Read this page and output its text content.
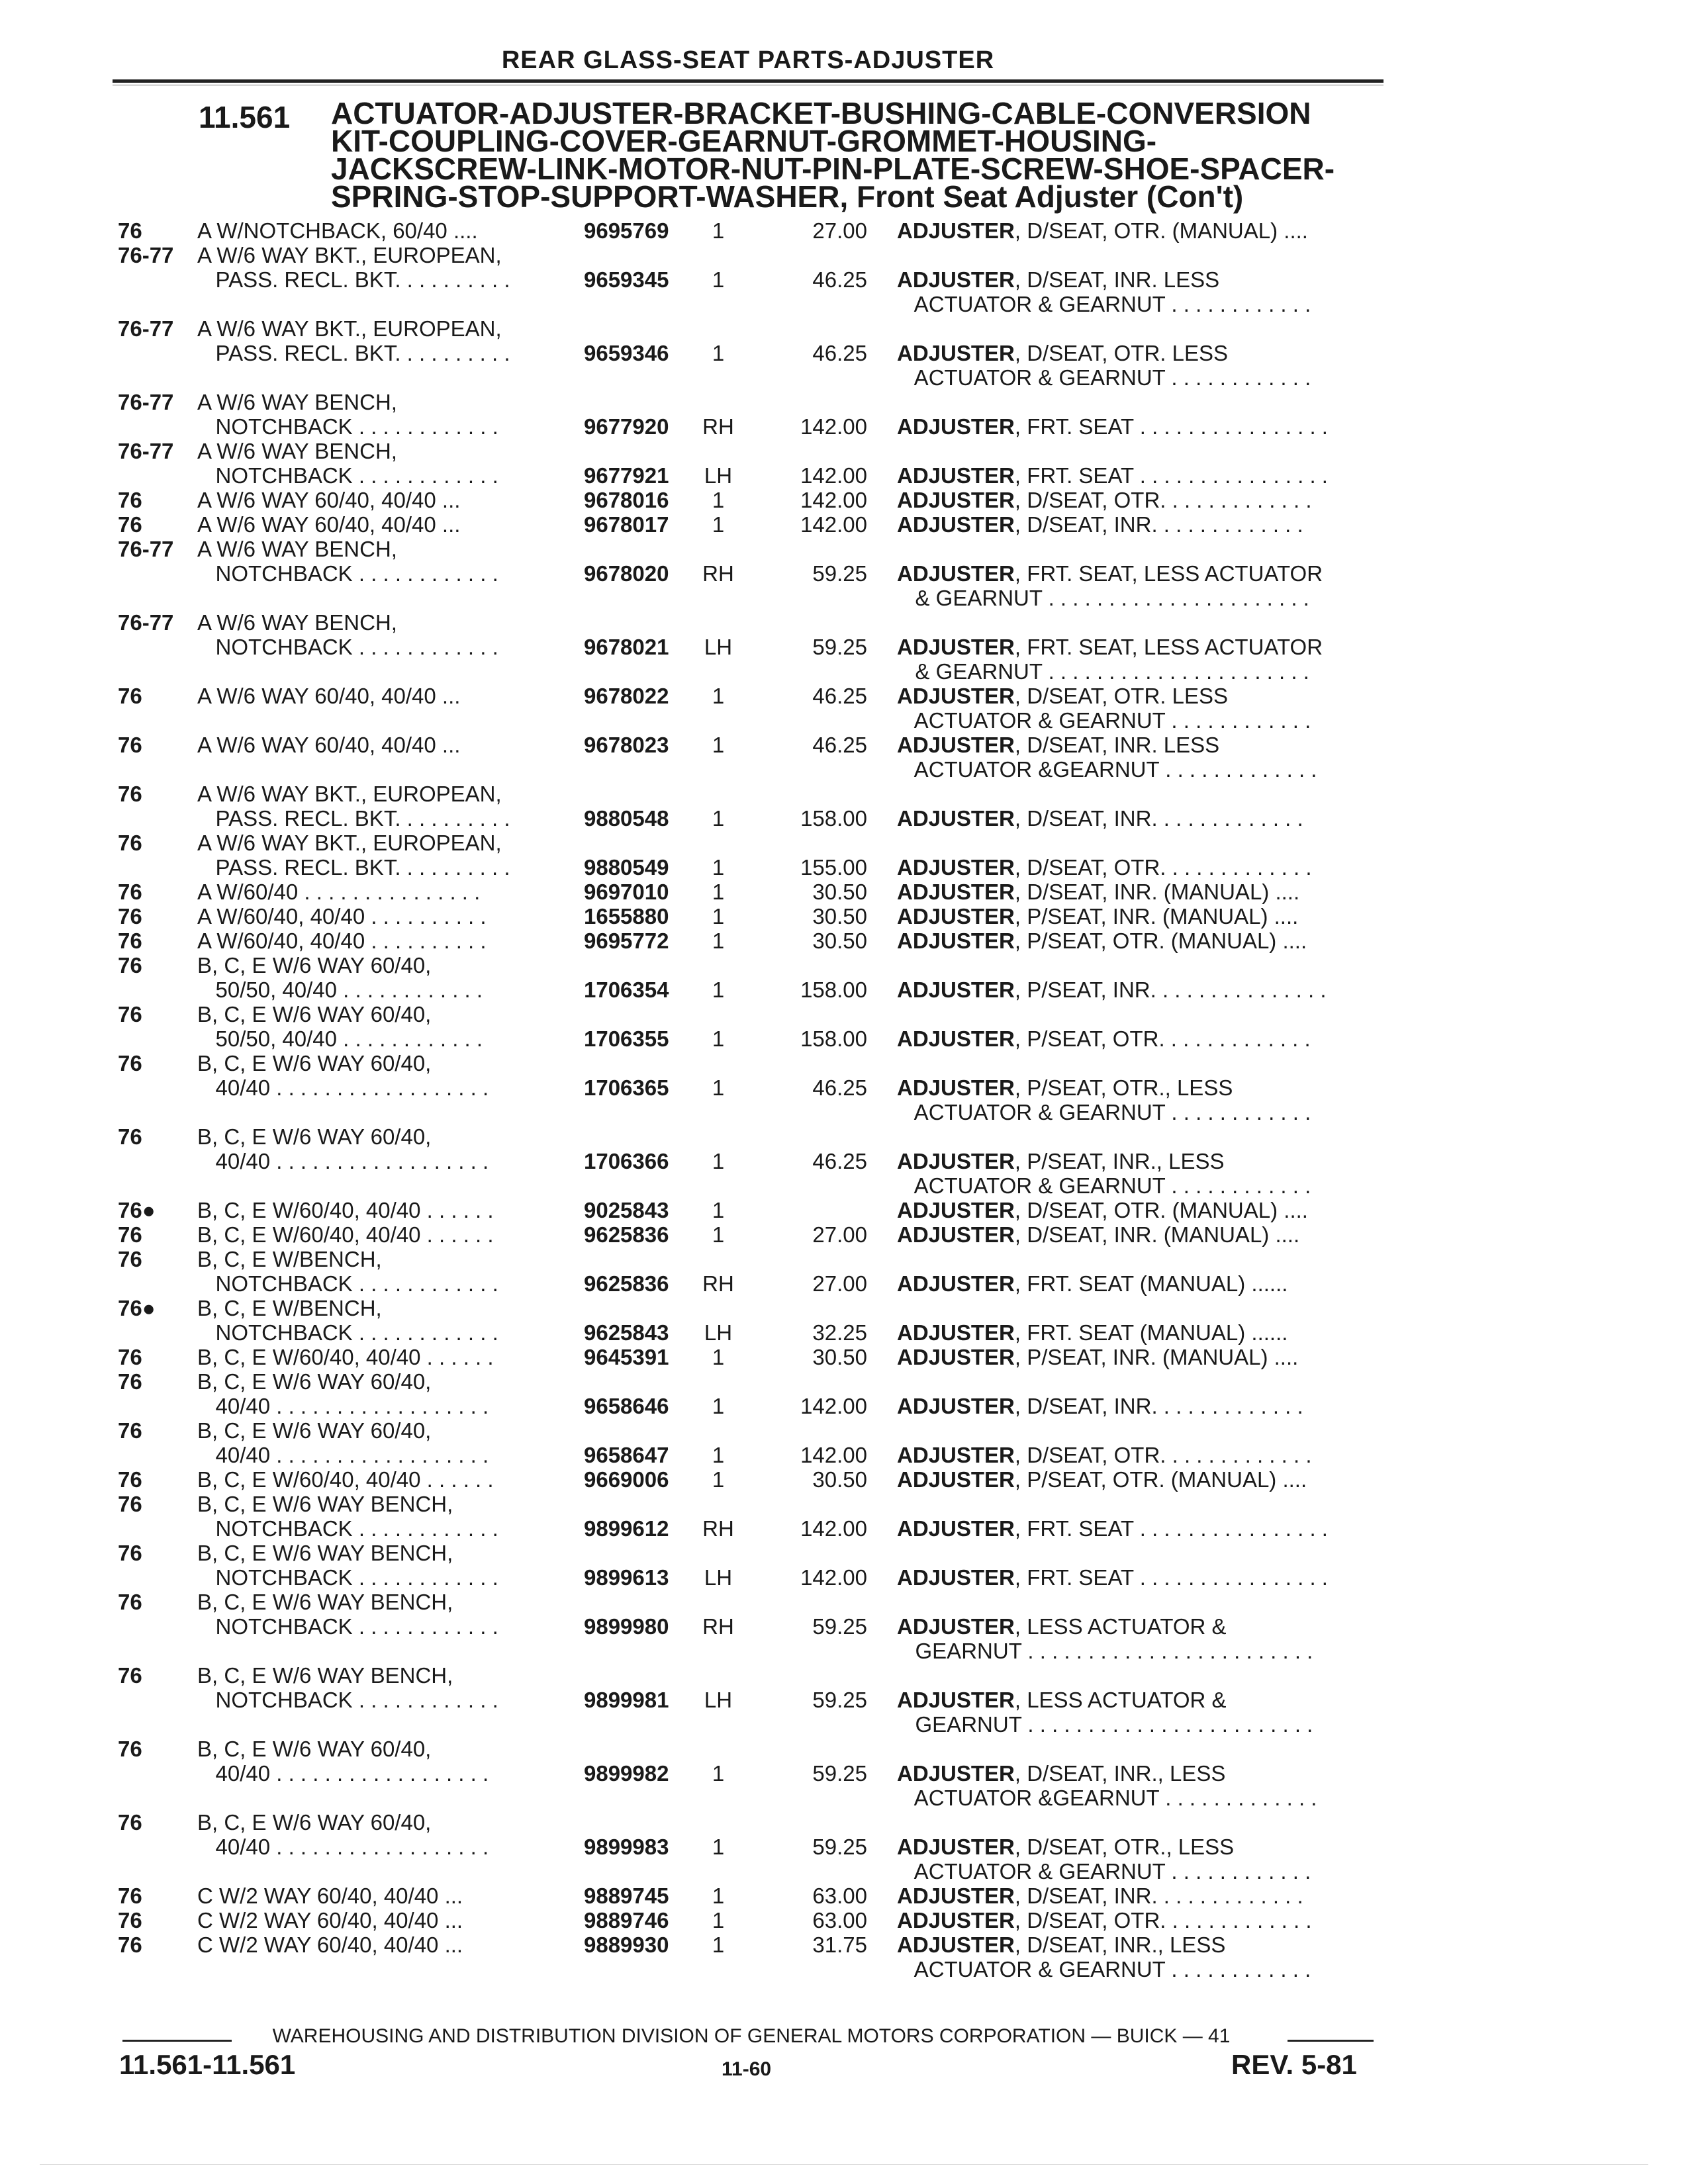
REAR GLASS-SEAT PARTS-ADJUSTER
11.561 ACTUATOR-ADJUSTER-BRACKET-BUSHING-CABLE-CONVERSION
KIT-COUPLING-COVER-GEARNUT-GROMMET-HOUSING-
JACKSCREW-LINK-MOTOR-NUT-PIN-PLATE-SCREW-SHOE-SPACER-
SPRING-STOP-SUPPORT-WASHER, Front Seat Adjuster (Con't)
76	A W/NOTCHBACK, 60/40 ....	9695769	1	27.00 ADJUSTER, D/SEAT, OTR. (MANUAL) ....
76-77 A W/6 WAY BKT., EUROPEAN,
PASS. RECL. BKT. . . . . . . . . .	9659345	1	46.25 ADJUSTER, D/SEAT, INR. LESS
ACTUATOR & GEARNUT . . . . . . . . . . . .
76-77 A W/6 WAY BKT., EUROPEAN,
PASS. RECL. BKT. . . . . . . . . .	9659346	1	46.25 ADJUSTER, D/SEAT, OTR. LESS
ACTUATOR & GEARNUT . . . . . . . . . . . .
76-77 A W/6 WAY BENCH,
NOTCHBACK . . . . . . . . . . . .	9677920 RH	142.00 ADJUSTER, FRT. SEAT . . . . . . . . . . . . . . . .
76-77 A W/6 WAY BENCH,
NOTCHBACK . . . . . . . . . . . .	9677921 LH	142.00 ADJUSTER, FRT. SEAT . . . . . . . . . . . . . . . .
76	A W/6 WAY 60/40, 40/40 ...	9678016	1	142.00 ADJUSTER, D/SEAT, OTR. . . . . . . . . . . . .
76	A W/6 WAY 60/40, 40/40 ...	9678017	1	142.00 ADJUSTER, D/SEAT, INR. . . . . . . . . . . . .
76-77 A W/6 WAY BENCH,
NOTCHBACK . . . . . . . . . . . .	9678020 RH	59.25 ADJUSTER, FRT. SEAT, LESS ACTUATOR
& GEARNUT . . . . . . . . . . . . . . . . . . . . . .
76-77 A W/6 WAY BENCH,
NOTCHBACK . . . . . . . . . . . .	9678021 LH	59.25 ADJUSTER, FRT. SEAT, LESS ACTUATOR
& GEARNUT . . . . . . . . . . . . . . . . . . . . . .
76	A W/6 WAY 60/40, 40/40 ...	9678022	1	46.25 ADJUSTER, D/SEAT, OTR. LESS
ACTUATOR & GEARNUT . . . . . . . . . . . .
76	A W/6 WAY 60/40, 40/40 ...	9678023	1	46.25 ADJUSTER, D/SEAT, INR. LESS
ACTUATOR &GEARNUT . . . . . . . . . . . . .
76	A W/6 WAY BKT., EUROPEAN,
PASS. RECL. BKT. . . . . . . . . .	9880548	1	158.00 ADJUSTER, D/SEAT, INR. . . . . . . . . . . . .
76	A W/6 WAY BKT., EUROPEAN,
PASS. RECL. BKT. . . . . . . . . .	9880549	1	155.00 ADJUSTER, D/SEAT, OTR. . . . . . . . . . . . .
76	A W/60/40 . . . . . . . . . . . . . . .	9697010	1	30.50 ADJUSTER, D/SEAT, INR. (MANUAL) ....
76	A W/60/40, 40/40 . . . . . . . . . .	1655880	1	30.50 ADJUSTER, P/SEAT, INR. (MANUAL) ....
76	A W/60/40, 40/40 . . . . . . . . . .	9695772	1	30.50 ADJUSTER, P/SEAT, OTR. (MANUAL) ....
76	B, C, E W/6 WAY 60/40,
50/50, 40/40 . . . . . . . . . . . .	1706354	1	158.00 ADJUSTER, P/SEAT, INR. . . . . . . . . . . . . . .
76	B, C, E W/6 WAY 60/40,
50/50, 40/40 . . . . . . . . . . . .	1706355	1	158.00 ADJUSTER, P/SEAT, OTR. . . . . . . . . . . . .
76	B, C, E W/6 WAY 60/40,
40/40 . . . . . . . . . . . . . . . . . .	1706365	1	46.25 ADJUSTER, P/SEAT, OTR., LESS
ACTUATOR & GEARNUT . . . . . . . . . . . .
76	B, C, E W/6 WAY 60/40,
40/40 . . . . . . . . . . . . . . . . . .	1706366	1	46.25 ADJUSTER, P/SEAT, INR., LESS
ACTUATOR & GEARNUT . . . . . . . . . . . .
76● B, C, E W/60/40, 40/40 . . . . . .	9025843	1	ADJUSTER, D/SEAT, OTR. (MANUAL) ....
76	B, C, E W/60/40, 40/40 . . . . . .	9625836	1	27.00 ADJUSTER, D/SEAT, INR. (MANUAL) ....
76	B, C, E W/BENCH,
NOTCHBACK . . . . . . . . . . . .	9625836 RH	27.00 ADJUSTER, FRT. SEAT (MANUAL) ......
76● B, C, E W/BENCH,
NOTCHBACK . . . . . . . . . . . .	9625843 LH	32.25 ADJUSTER, FRT. SEAT (MANUAL) ......
76	B, C, E W/60/40, 40/40 . . . . . .	9645391	1	30.50 ADJUSTER, P/SEAT, INR. (MANUAL) ....
76	B, C, E W/6 WAY 60/40,
40/40 . . . . . . . . . . . . . . . . . .	9658646	1	142.00 ADJUSTER, D/SEAT, INR. . . . . . . . . . . . .
76	B, C, E W/6 WAY 60/40,
40/40 . . . . . . . . . . . . . . . . . .	9658647	1	142.00 ADJUSTER, D/SEAT, OTR. . . . . . . . . . . . .
76	B, C, E W/60/40, 40/40 . . . . . .	9669006	1	30.50 ADJUSTER, P/SEAT, OTR. (MANUAL) ....
76	B, C, E W/6 WAY BENCH,
NOTCHBACK . . . . . . . . . . . .	9899612 RH	142.00 ADJUSTER, FRT. SEAT . . . . . . . . . . . . . . . .
76	B, C, E W/6 WAY BENCH,
NOTCHBACK . . . . . . . . . . . .	9899613 LH	142.00 ADJUSTER, FRT. SEAT . . . . . . . . . . . . . . . .
76	B, C, E W/6 WAY BENCH,
NOTCHBACK . . . . . . . . . . . .	9899980 RH	59.25 ADJUSTER, LESS ACTUATOR &
GEARNUT . . . . . . . . . . . . . . . . . . . . . . . .
76	B, C, E W/6 WAY BENCH,
NOTCHBACK . . . . . . . . . . . .	9899981 LH	59.25 ADJUSTER, LESS ACTUATOR &
GEARNUT . . . . . . . . . . . . . . . . . . . . . . . .
76	B, C, E W/6 WAY 60/40,
40/40 . . . . . . . . . . . . . . . . . .	9899982	1	59.25 ADJUSTER, D/SEAT, INR., LESS
ACTUATOR &GEARNUT . . . . . . . . . . . . .
76	B, C, E W/6 WAY 60/40,
40/40 . . . . . . . . . . . . . . . . . .	9899983	1	59.25 ADJUSTER, D/SEAT, OTR., LESS
ACTUATOR & GEARNUT . . . . . . . . . . . .
76	C W/2 WAY 60/40, 40/40 ...	9889745	1	63.00 ADJUSTER, D/SEAT, INR. . . . . . . . . . . . .
76	C W/2 WAY 60/40, 40/40 ...	9889746	1	63.00 ADJUSTER, D/SEAT, OTR. . . . . . . . . . . . .
76	C W/2 WAY 60/40, 40/40 ...	9889930	1	31.75 ADJUSTER, D/SEAT, INR., LESS
ACTUATOR & GEARNUT . . . . . . . . . . . .
WAREHOUSING AND DISTRIBUTION DIVISION OF GENERAL MOTORS CORPORATION — BUICK — 41
11.561-11.561	11-60	REV. 5-81
